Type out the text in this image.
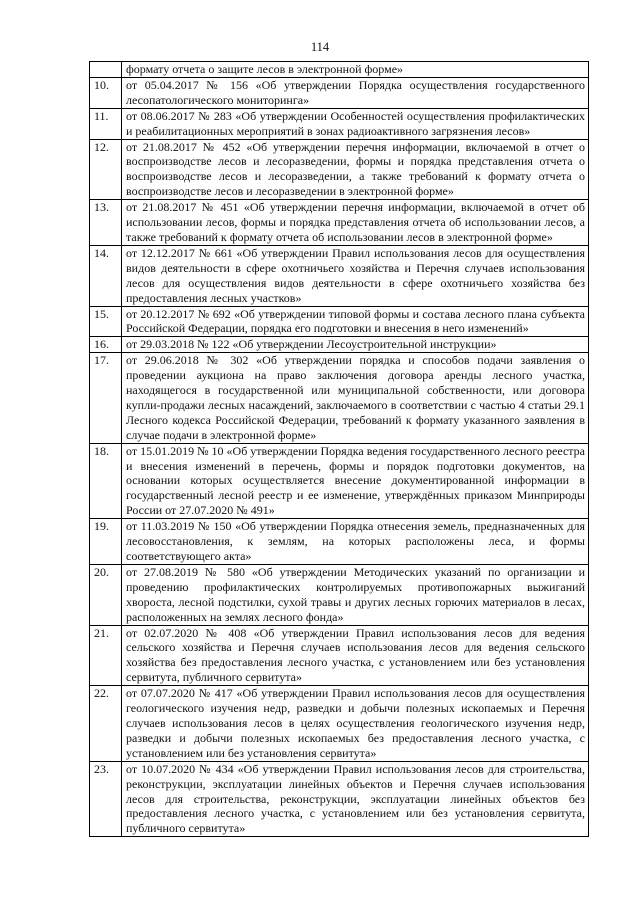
114
	формату отчета о защите лесов в электронной форме»
10.	от 05.04.2017 № 156 «Об утверждении Порядка осуществления государственного лесопатологического мониторинга»
11.	от 08.06.2017 № 283 «Об утверждении Особенностей осуществления профилактических и реабилитационных мероприятий в зонах радиоактивного загрязнения лесов»
12.	от 21.08.2017 № 452 «Об утверждении перечня информации, включаемой в отчет о воспроизводстве лесов и лесоразведении, формы и порядка представления отчета о воспроизводстве лесов и лесоразведении, а также требований к формату отчета о воспроизводстве лесов и лесоразведении в электронной форме»
13.	от 21.08.2017 № 451 «Об утверждении перечня информации, включаемой в отчет об использовании лесов, формы и порядка представления отчета об использовании лесов, а также требований к формату отчета об использовании лесов в электронной форме»
14.	от 12.12.2017 № 661 «Об утверждении Правил использования лесов для осуществления видов деятельности в сфере охотничьего хозяйства и Перечня случаев использования лесов для осуществления видов деятельности в сфере охотничьего хозяйства без предоставления лесных участков»
15.	от 20.12.2017 № 692 «Об утверждении типовой формы и состава лесного плана субъекта Российской Федерации, порядка его подготовки и внесения в него изменений»
16.	от 29.03.2018 № 122 «Об утверждении Лесоустроительной инструкции»
17.	от 29.06.2018 № 302 «Об утверждении порядка и способов подачи заявления о проведении аукциона на право заключения договора аренды лесного участка, находящегося в государственной или муниципальной собственности, или договора купли-продажи лесных насаждений, заключаемого в соответствии с частью 4 статьи 29.1 Лесного кодекса Российской Федерации, требований к формату указанного заявления в случае подачи в электронной форме»
18.	от 15.01.2019 № 10 «Об утверждении Порядка ведения государственного лесного реестра и внесения изменений в перечень, формы и порядок подготовки документов, на основании которых осуществляется внесение документированной информации в государственный лесной реестр и ее изменение, утверждённых приказом Минприроды России от 27.07.2020 № 491»
19.	от 11.03.2019 № 150 «Об утверждении Порядка отнесения земель, предназначенных для лесовосстановления, к землям, на которых расположены леса, и формы соответствующего акта»
20.	от 27.08.2019 № 580 «Об утверждении Методических указаний по организации и проведению профилактических контролируемых противопожарных выжиганий хвороста, лесной подстилки, сухой травы и других лесных горючих материалов в лесах, расположенных на землях лесного фонда»
21.	от 02.07.2020 № 408 «Об утверждении Правил использования лесов для ведения сельского хозяйства и Перечня случаев использования лесов для ведения сельского хозяйства без предоставления лесного участка, с установлением или без установления сервитута, публичного сервитута»
22.	от 07.07.2020 № 417 «Об утверждении Правил использования лесов для осуществления геологического изучения недр, разведки и добычи полезных ископаемых и Перечня случаев использования лесов в целях осуществления геологического изучения недр, разведки и добычи полезных ископаемых без предоставления лесного участка, с установлением или без установления сервитута»
23.	от 10.07.2020 № 434 «Об утверждении Правил использования лесов для строительства, реконструкции, эксплуатации линейных объектов и Перечня случаев использования лесов для строительства, реконструкции, эксплуатации линейных объектов без предоставления лесного участка, с установлением или без установления сервитута, публичного сервитута»
